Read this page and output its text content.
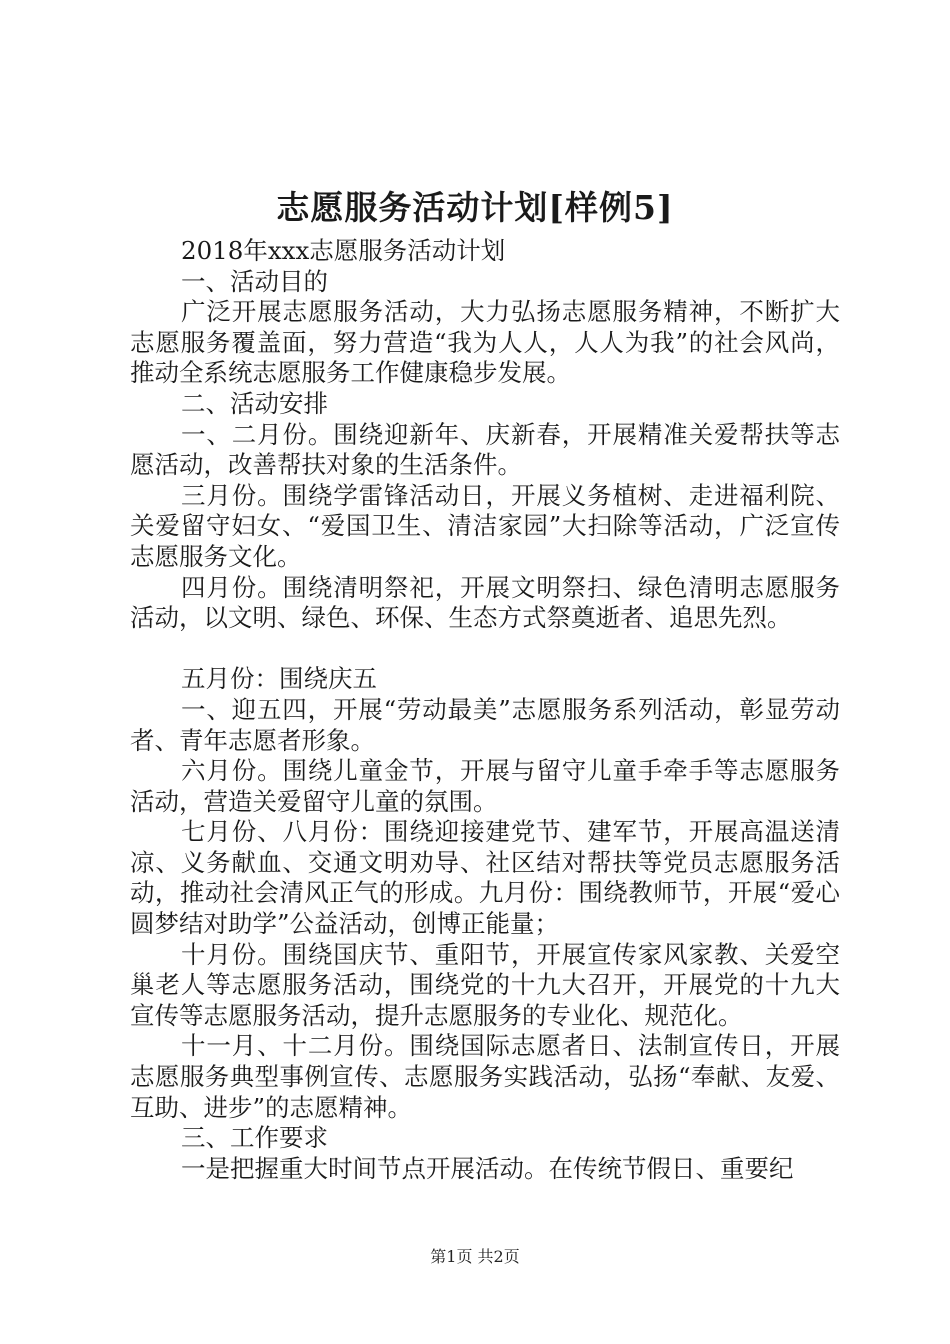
志愿服务活动计划[样例5]

2018年xxx志愿服务活动计划

一、活动目的

广泛开展志愿服务活动，大力弘扬志愿服务精神，不断扩大志愿服务覆盖面，努力营造“我为人人，人人为我”的社会风尚，推动全系统志愿服务工作健康稳步发展。

二、活动安排

一、二月份。围绕迎新年、庆新春，开展精准关爱帮扶等志愿活动，改善帮扶对象的生活条件。

三月份。围绕学雷锋活动日，开展义务植树、走进福利院、关爱留守妇女、“爱国卫生、清洁家园”大扫除等活动，广泛宣传志愿服务文化。

四月份。围绕清明祭祀，开展文明祭扫、绿色清明志愿服务活动，以文明、绿色、环保、生态方式祭奠逝者、追思先烈。

五月份：围绕庆五

一、迎五四，开展“劳动最美”志愿服务系列活动，彰显劳动者、青年志愿者形象。

六月份。围绕儿童金节，开展与留守儿童手牵手等志愿服务活动，营造关爱留守儿童的氛围。

七月份、八月份：围绕迎接建党节、建军节，开展高温送清凉、义务献血、交通文明劝导、社区结对帮扶等党员志愿服务活动，推动社会清风正气的形成。九月份：围绕教师节，开展“爱心圆梦结对助学”公益活动，创博正能量；

十月份。围绕国庆节、重阳节，开展宣传家风家教、关爱空巢老人等志愿服务活动，围绕党的十九大召开，开展党的十九大宣传等志愿服务活动，提升志愿服务的专业化、规范化。

十一月、十二月份。围绕国际志愿者日、法制宣传日，开展志愿服务典型事例宣传、志愿服务实践活动，弘扬“奉献、友爱、互助、进步”的志愿精神。

三、工作要求

一是把握重大时间节点开展活动。在传统节假日、重要纪

第1页 共2页
